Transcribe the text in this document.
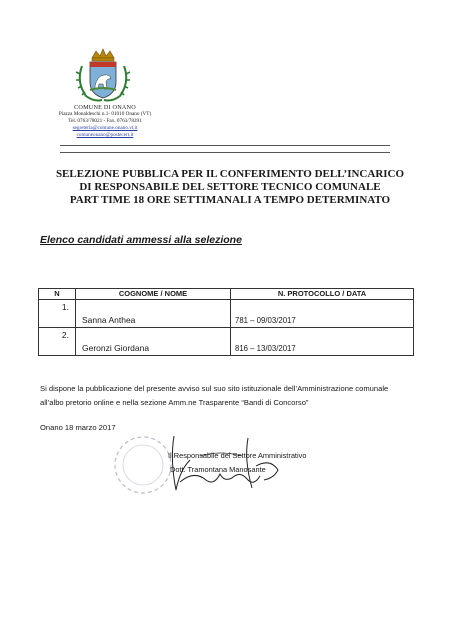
COMUNE DI ONANO
Piazza Monaldeschi n.1- 01010 Onano (VT)
Tel. 0763/78021 - Fax. 0763/78391
segreteria@comune.onano.vt.it
comuneonano@postecert.it
SELEZIONE PUBBLICA PER IL CONFERIMENTO DELL’INCARICO
DI RESPONSABILE DEL SETTORE TECNICO COMUNALE
PART TIME 18 ORE SETTIMANALI A TEMPO DETERMINATO
Elenco candidati ammessi alla selezione
N	COGNOME / NOME	N. PROTOCOLLO / DATA

1.	Sanna Anthea	781 – 09/03/2017

2.	Geronzi Giordana	816 – 13/03/2017
Si dispone la pubblicazione del presente avviso sul suo sito istituzionale dell’Amministrazione comunale all’albo pretorio online e nella sezione Amm.ne Trasparente “Bandi di Concorso”
Onano 18 marzo 2017
Il Responsabile del Settore Amministrativo
Dott. Tramontana Manosante
